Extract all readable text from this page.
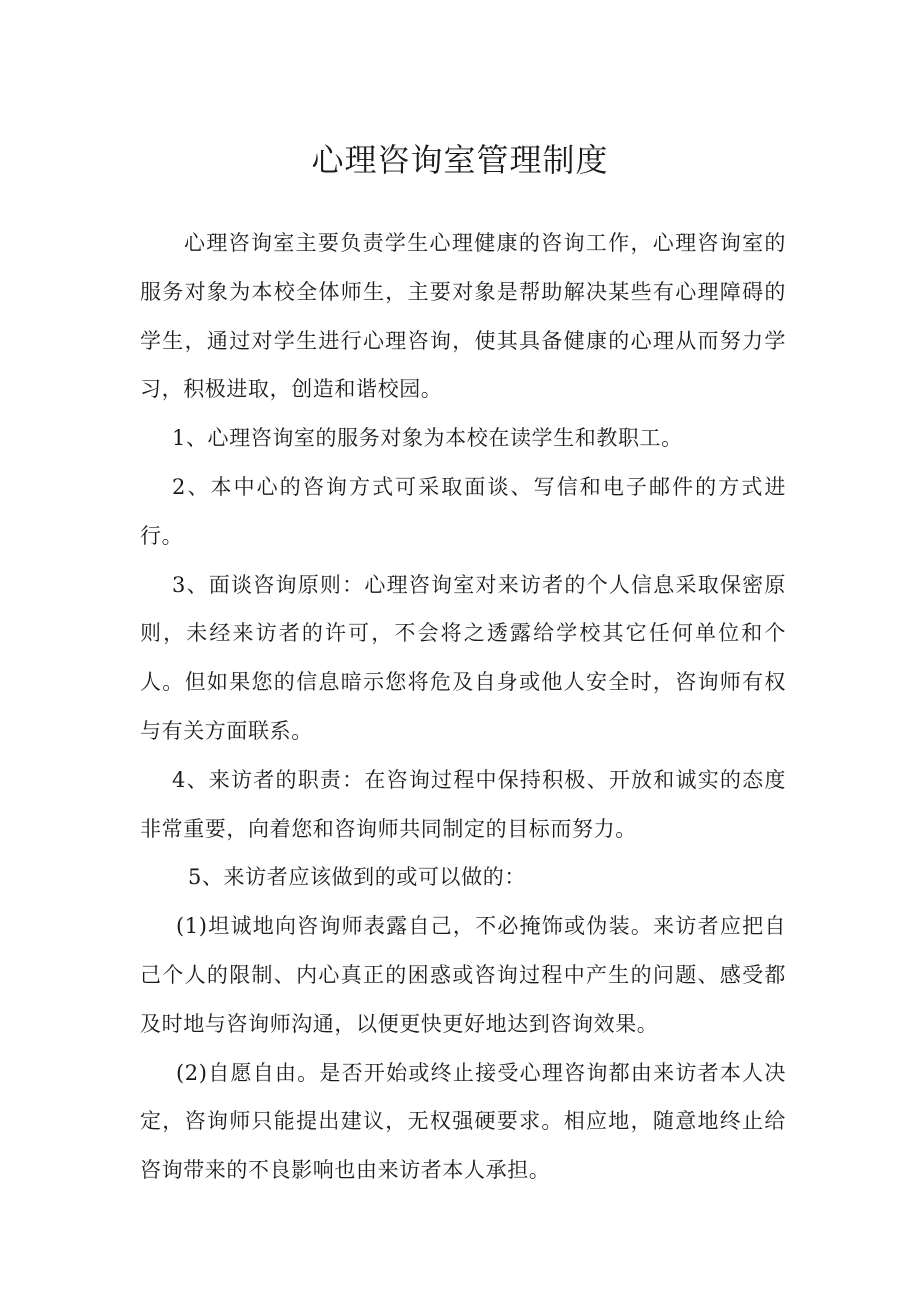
心理咨询室管理制度

心理咨询室主要负责学生心理健康的咨询工作，心理咨询室的服务对象为本校全体师生，主要对象是帮助解决某些有心理障碍的学生，通过对学生进行心理咨询，使其具备健康的心理从而努力学习，积极进取，创造和谐校园。

1、心理咨询室的服务对象为本校在读学生和教职工。

2、本中心的咨询方式可采取面谈、写信和电子邮件的方式进行。

3、面谈咨询原则：心理咨询室对来访者的个人信息采取保密原则，未经来访者的许可，不会将之透露给学校其它任何单位和个人。但如果您的信息暗示您将危及自身或他人安全时，咨询师有权与有关方面联系。

4、来访者的职责：在咨询过程中保持积极、开放和诚实的态度非常重要，向着您和咨询师共同制定的目标而努力。

5、来访者应该做到的或可以做的：

(1)坦诚地向咨询师表露自己，不必掩饰或伪装。来访者应把自己个人的限制、内心真正的困惑或咨询过程中产生的问题、感受都及时地与咨询师沟通，以便更快更好地达到咨询效果。

(2)自愿自由。是否开始或终止接受心理咨询都由来访者本人决定，咨询师只能提出建议，无权强硬要求。相应地，随意地终止给咨询带来的不良影响也由来访者本人承担。
